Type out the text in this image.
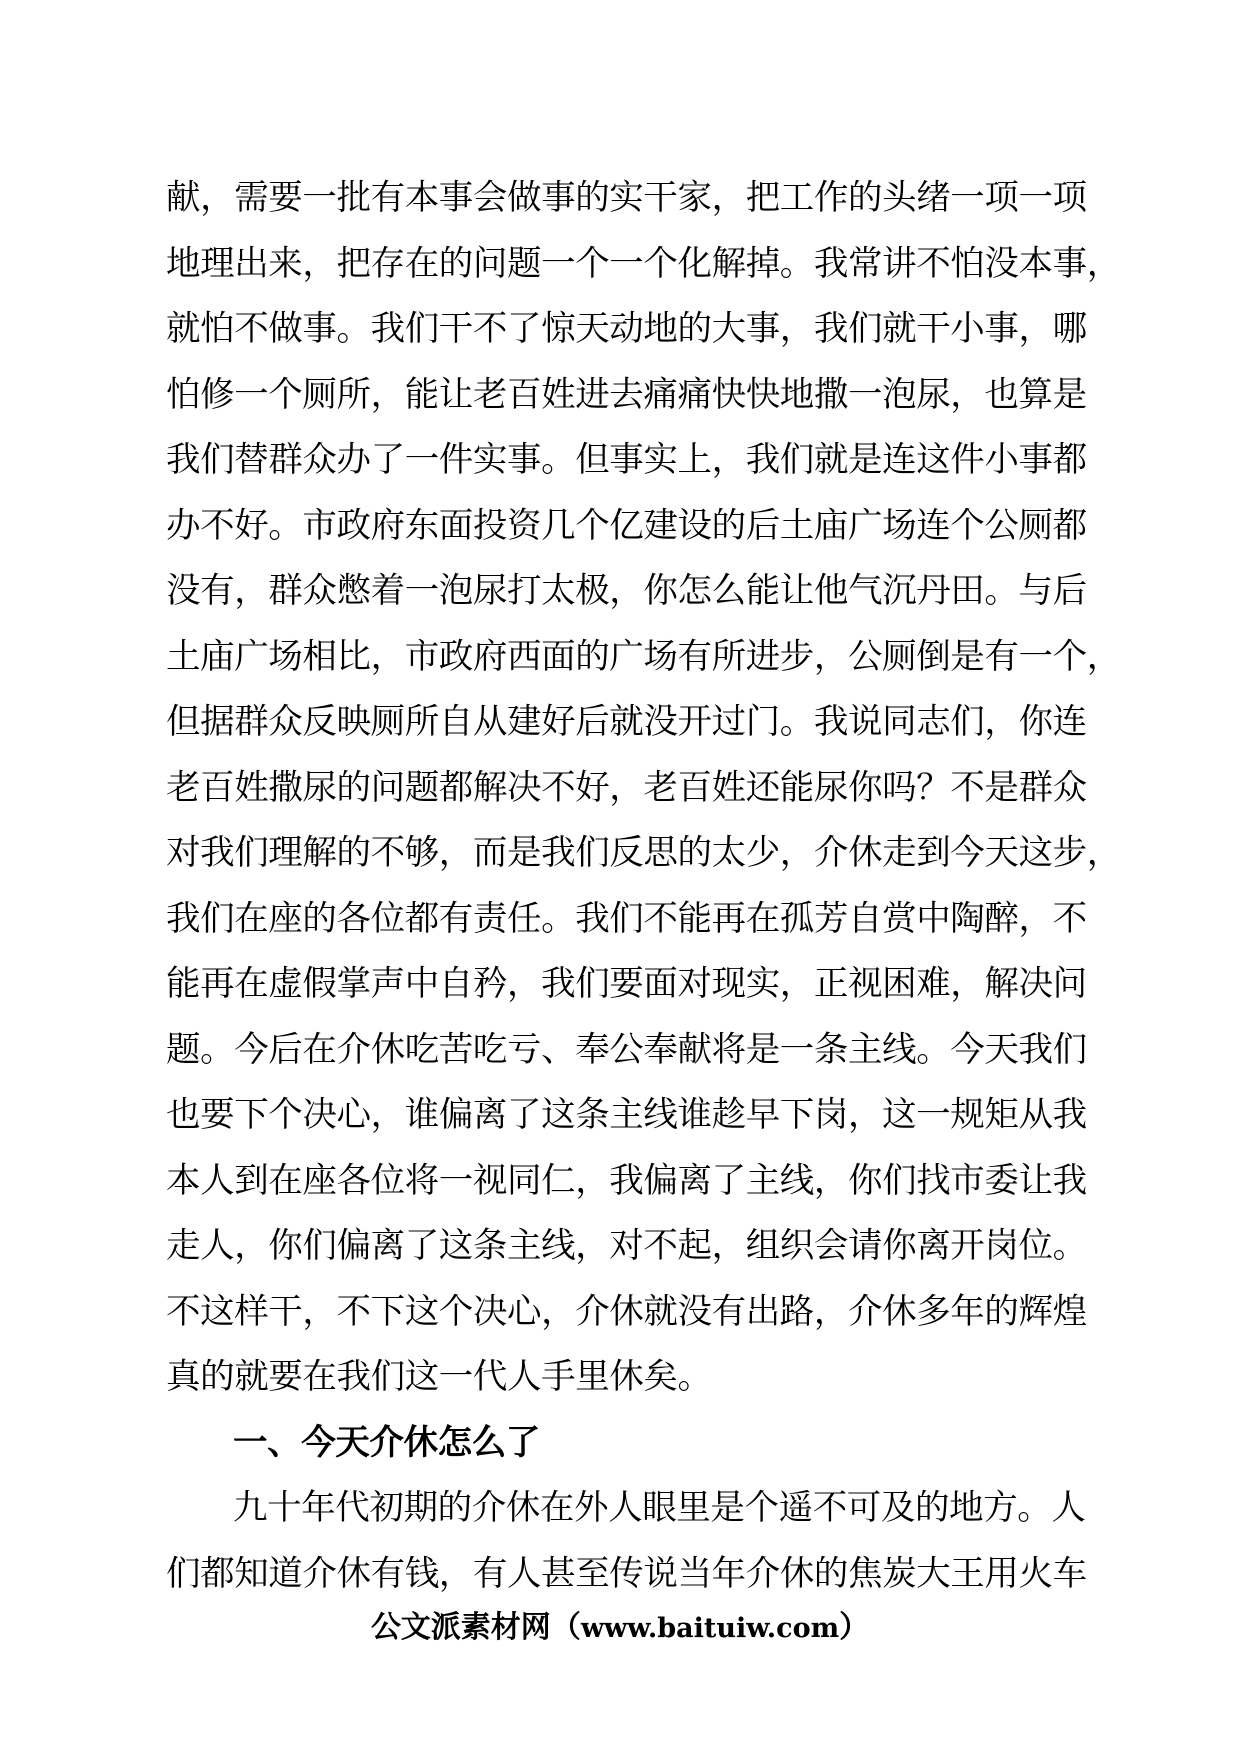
献，需要一批有本事会做事的实干家，把工作的头绪一项一项
地理出来，把存在的问题一个一个化解掉。我常讲不怕没本事，
就怕不做事。我们干不了惊天动地的大事，我们就干小事，哪
怕修一个厕所，能让老百姓进去痛痛快快地撒一泡尿，也算是
我们替群众办了一件实事。但事实上，我们就是连这件小事都
办不好。市政府东面投资几个亿建设的后土庙广场连个公厕都
没有，群众憋着一泡尿打太极，你怎么能让他气沉丹田。与后
土庙广场相比，市政府西面的广场有所进步，公厕倒是有一个，
但据群众反映厕所自从建好后就没开过门。我说同志们，你连
老百姓撒尿的问题都解决不好，老百姓还能尿你吗？不是群众
对我们理解的不够，而是我们反思的太少，介休走到今天这步，
我们在座的各位都有责任。我们不能再在孤芳自赏中陶醉，不
能再在虚假掌声中自矜，我们要面对现实，正视困难，解决问
题。今后在介休吃苦吃亏、奉公奉献将是一条主线。今天我们
也要下个决心，谁偏离了这条主线谁趁早下岗，这一规矩从我
本人到在座各位将一视同仁，我偏离了主线，你们找市委让我
走人，你们偏离了这条主线，对不起，组织会请你离开岗位。
不这样干，不下这个决心，介休就没有出路，介休多年的辉煌
真的就要在我们这一代人手里休矣。
一、今天介休怎么了
九十年代初期的介休在外人眼里是个遥不可及的地方。人
们都知道介休有钱，有人甚至传说当年介休的焦炭大王用火车
公文派素材网（www.baituiw.com）
